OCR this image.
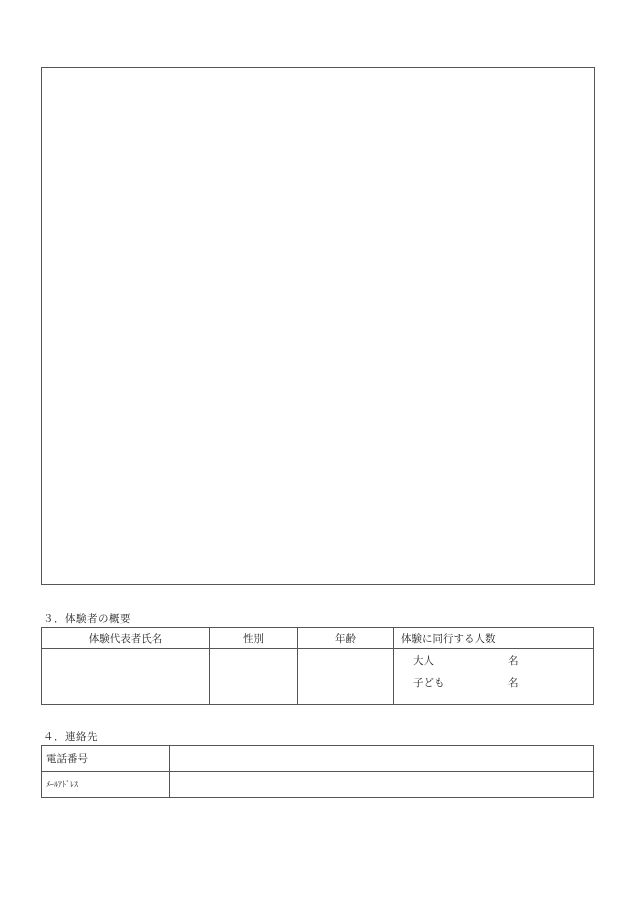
３．体験者の概要
体験代表者氏名	性別	年齢	体験に同行する人数

			大人 名
子ども 名
４．連絡先
電話番号	
ﾒｰﾙｱﾄﾞﾚｽ	
